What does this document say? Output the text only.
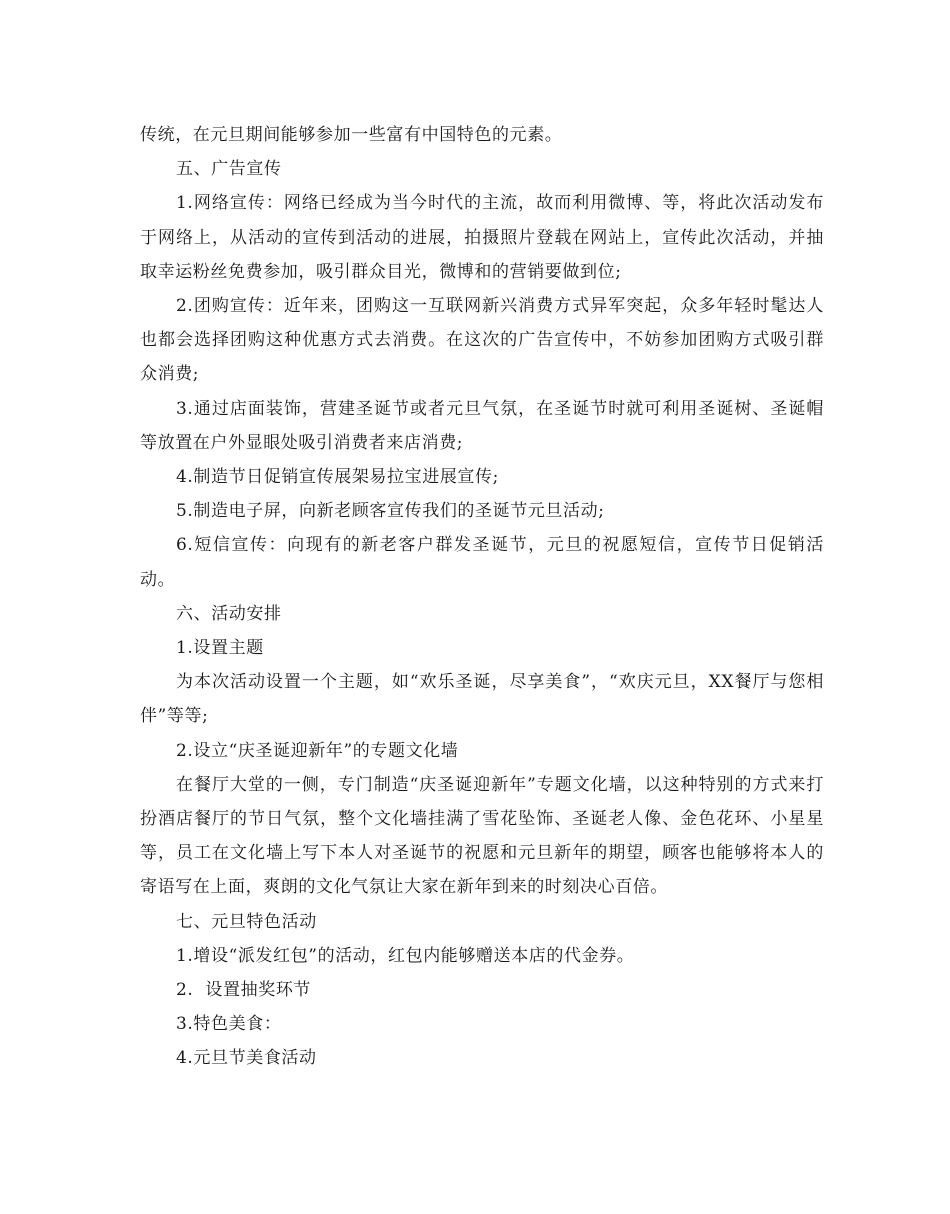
传统，在元旦期间能够参加一些富有中国特色的元素。

五、广告宣传

1.网络宣传：网络已经成为当今时代的主流，故而利用微博、等，将此次活动发布于网络上，从活动的宣传到活动的进展，拍摄照片登载在网站上，宣传此次活动，并抽取幸运粉丝免费参加，吸引群众目光，微博和的营销要做到位;

2.团购宣传：近年来，团购这一互联网新兴消费方式异军突起，众多年轻时髦达人也都会选择团购这种优惠方式去消费。在这次的广告宣传中，不妨参加团购方式吸引群众消费;

3.通过店面装饰，营建圣诞节或者元旦气氛，在圣诞节时就可利用圣诞树、圣诞帽等放置在户外显眼处吸引消费者来店消费;

4.制造节日促销宣传展架易拉宝进展宣传;

5.制造电子屏，向新老顾客宣传我们的圣诞节元旦活动;

6.短信宣传：向现有的新老客户群发圣诞节，元旦的祝愿短信，宣传节日促销活动。

六、活动安排

1.设置主题

为本次活动设置一个主题，如“欢乐圣诞，尽享美食”，“欢庆元旦，XX餐厅与您相伴”等等;

2.设立“庆圣诞迎新年”的专题文化墙

在餐厅大堂的一侧，专门制造“庆圣诞迎新年”专题文化墙，以这种特别的方式来打扮酒店餐厅的节日气氛，整个文化墙挂满了雪花坠饰、圣诞老人像、金色花环、小星星等，员工在文化墙上写下本人对圣诞节的祝愿和元旦新年的期望，顾客也能够将本人的寄语写在上面，爽朗的文化气氛让大家在新年到来的时刻决心百倍。

七、元旦特色活动

1.增设“派发红包”的活动，红包内能够赠送本店的代金券。

2.  设置抽奖环节

3.特色美食：

4.元旦节美食活动
